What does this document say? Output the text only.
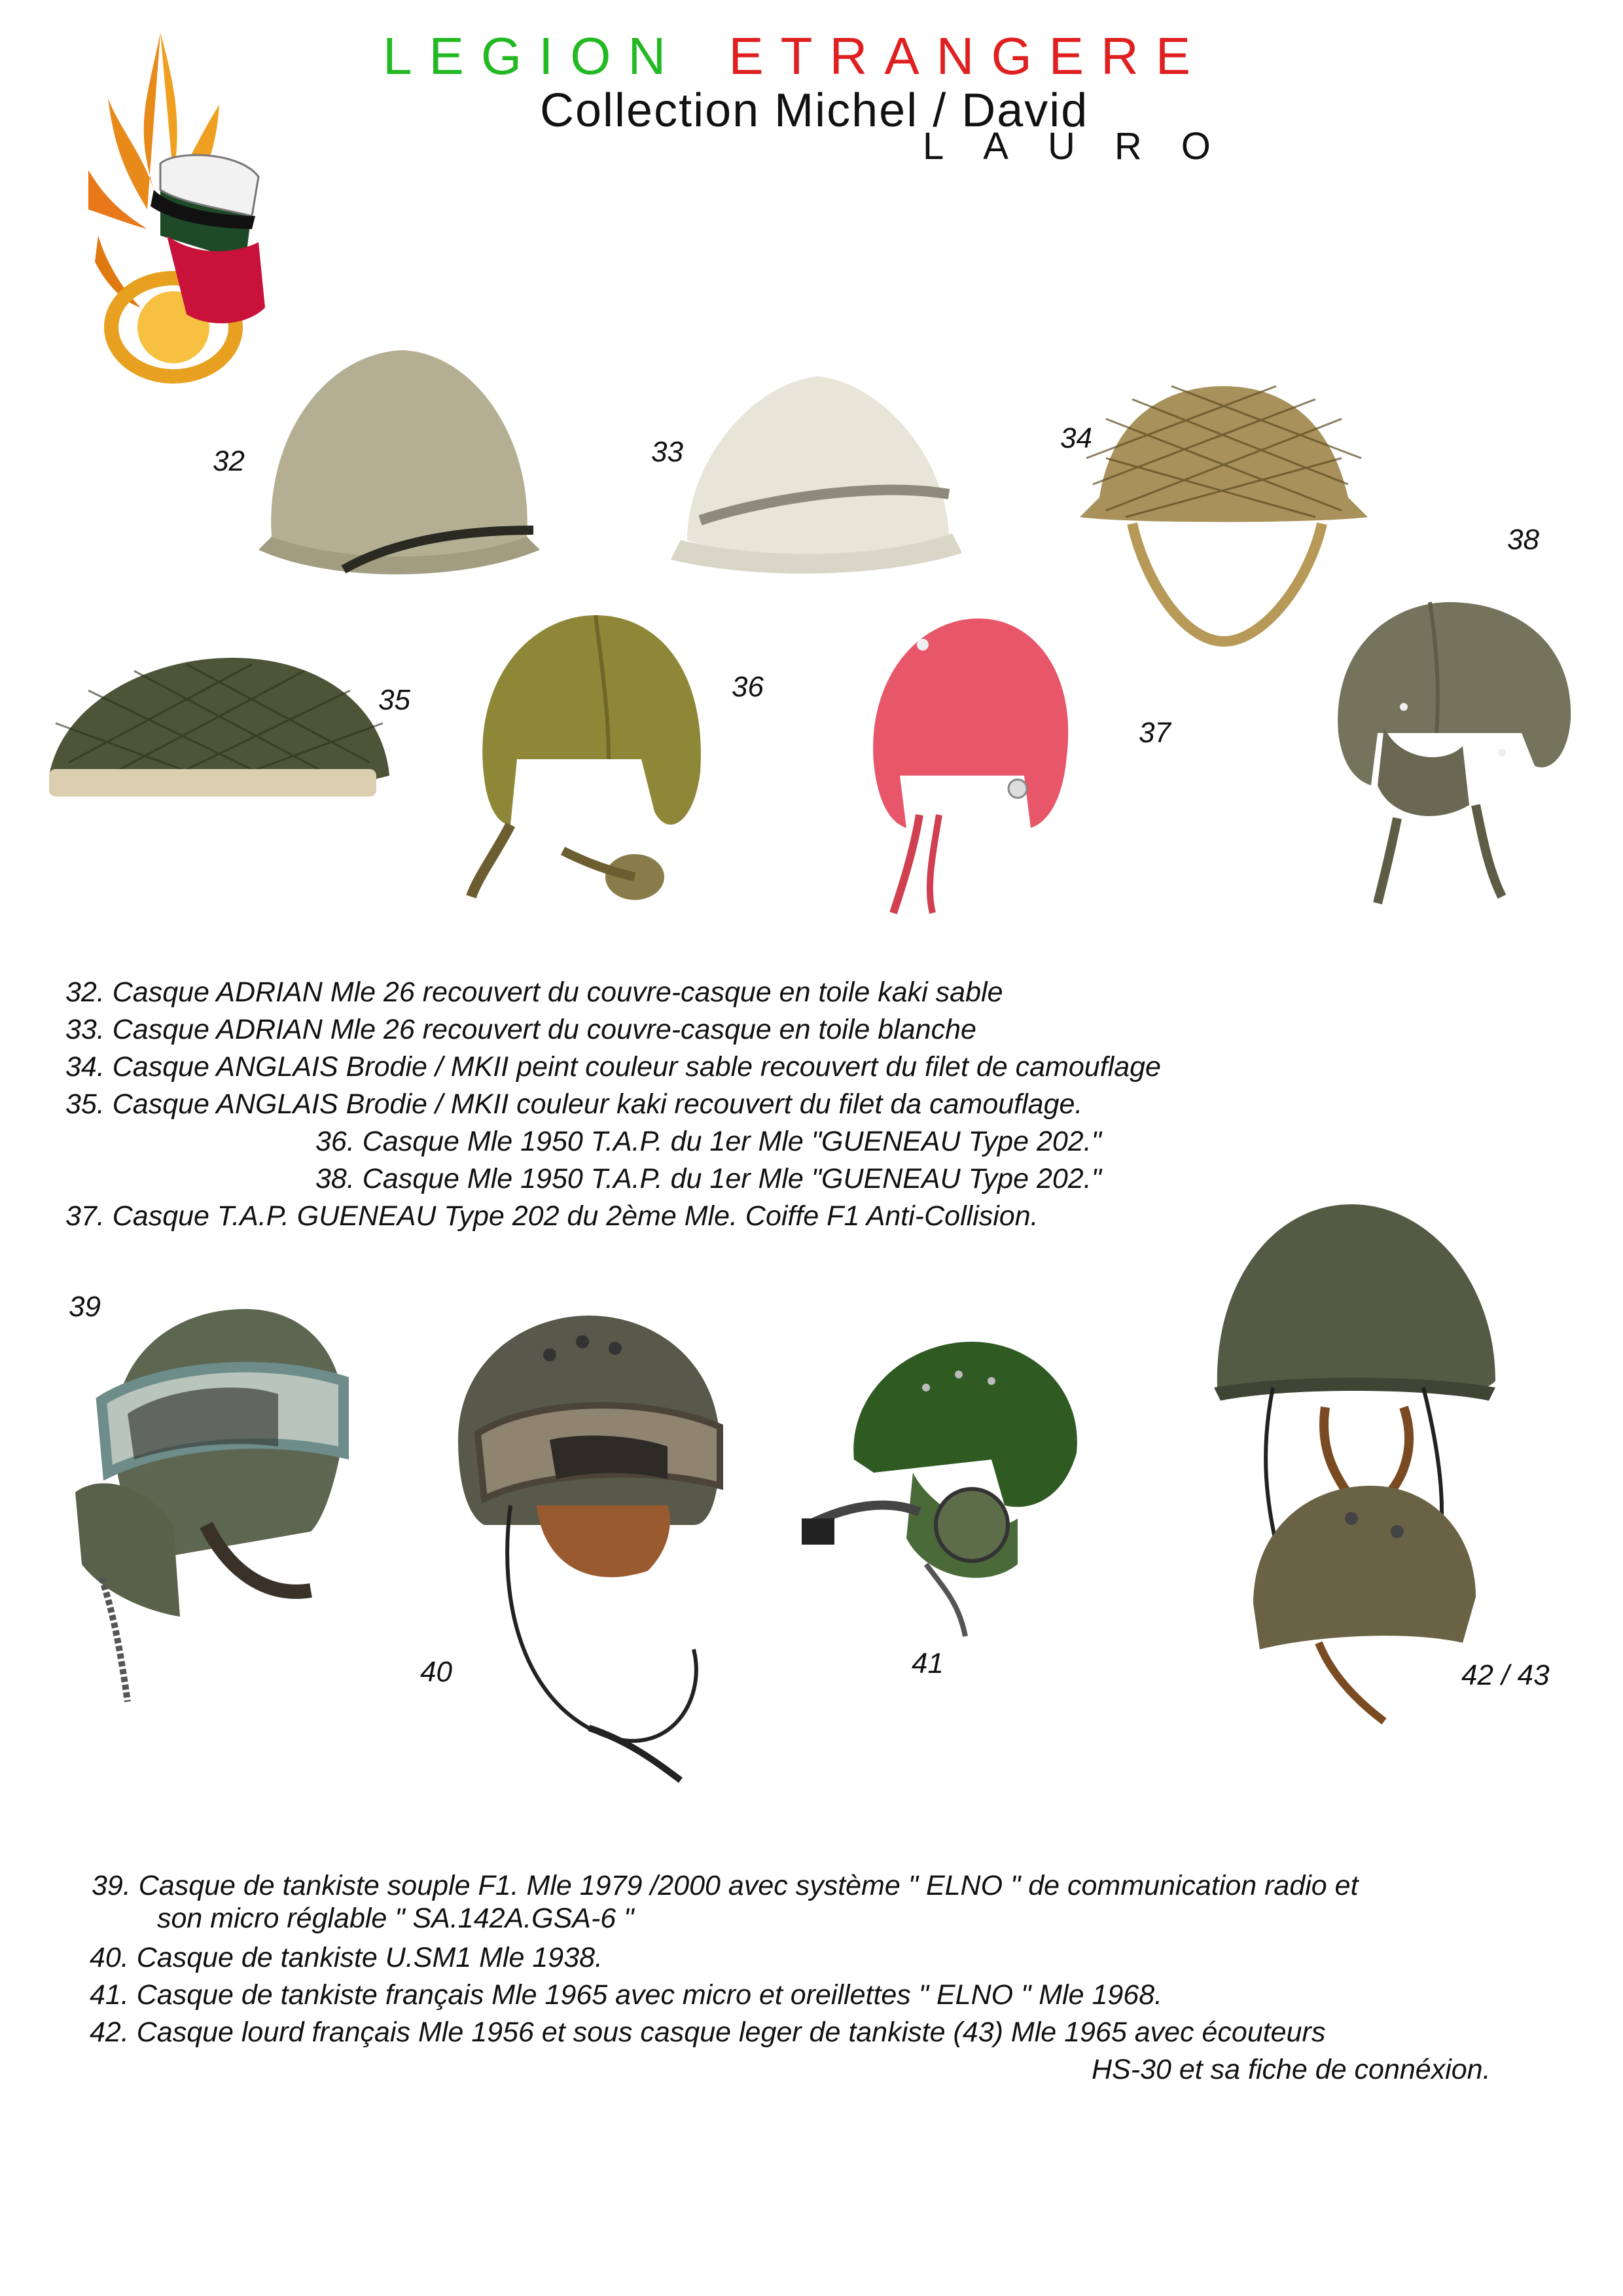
LEGION ETRANGERE
Collection Michel / David
LAURO
32	33	34
35	36
37
38
32. Casque ADRIAN Mle 26 recouvert du couvre-casque en toile kaki sable
33. Casque ADRIAN Mle 26 recouvert du couvre-casque en toile blanche
34. Casque ANGLAIS Brodie / MKII peint couleur sable recouvert du filet de camouflage
35. Casque ANGLAIS Brodie / MKII couleur kaki recouvert du filet da camouflage.
36. Casque Mle 1950 T.A.P. du 1er Mle "GUENEAU Type 202."
38. Casque Mle 1950 T.A.P. du 1er Mle "GUENEAU Type 202."
37. Casque T.A.P. GUENEAU Type 202 du 2ème Mle. Coiffe F1 Anti-Collision.
39
40	41	42 / 43
39. Casque de tankiste souple F1. Mle 1979 /2000 avec système " ELNO " de communication radio et
son micro réglable " SA.142A.GSA-6 "
40. Casque de tankiste U.SM1 Mle 1938.
41. Casque de tankiste français Mle 1965 avec micro et oreillettes " ELNO " Mle 1968.
42. Casque lourd français Mle 1956 et sous casque leger de tankiste (43) Mle 1965 avec écouteurs
HS-30 et sa fiche de connéxion.
